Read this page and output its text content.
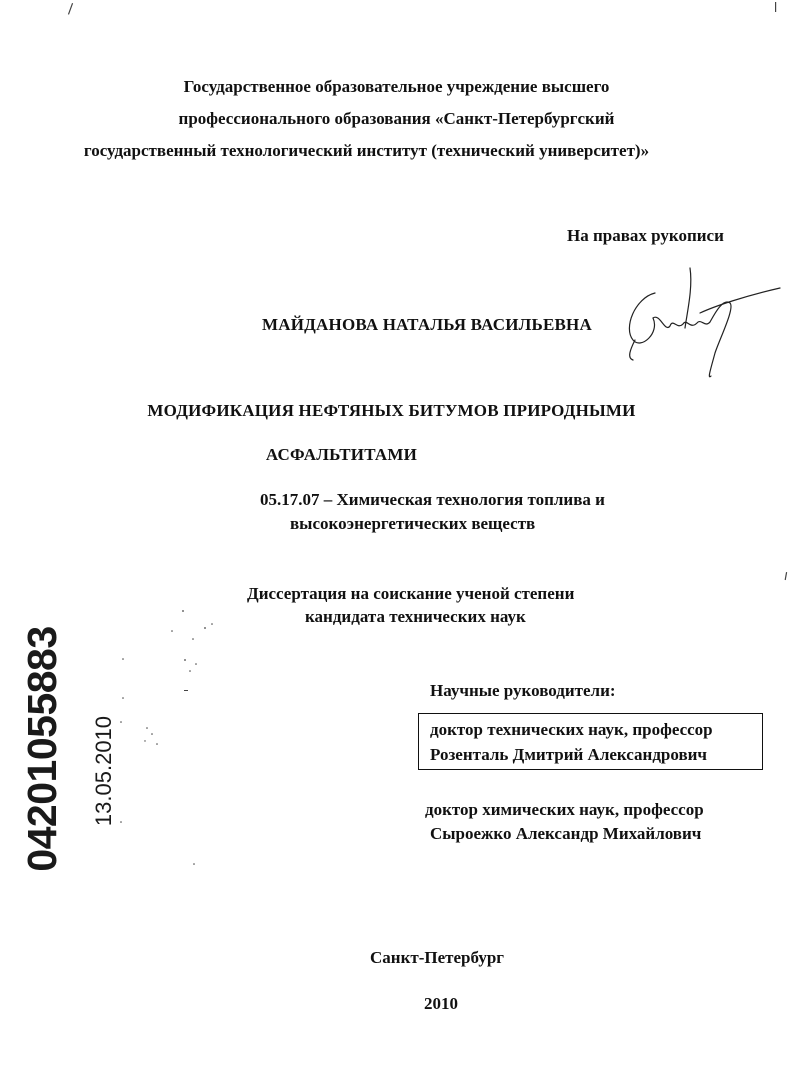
Государственное образовательное учреждение высшего
профессионального образования «Санкт-Петербургский
государственный технологический институт (технический университет)»
На правах рукописи
МАЙДАНОВА НАТАЛЬЯ ВАСИЛЬЕВНА
МОДИФИКАЦИЯ НЕФТЯНЫХ БИТУМОВ ПРИРОДНЫМИ
АСФАЛЬТИТАМИ
05.17.07 – Химическая технология топлива и
высокоэнергетических веществ
Диссертация на соискание ученой степени
кандидата технических наук
Научные руководители:
доктор технических наук, профессор
Розенталь Дмитрий Александрович
доктор химических наук, профессор
Сыроежко Александр Михайлович
Санкт-Петербург
2010
04201055883 13.05.2010
